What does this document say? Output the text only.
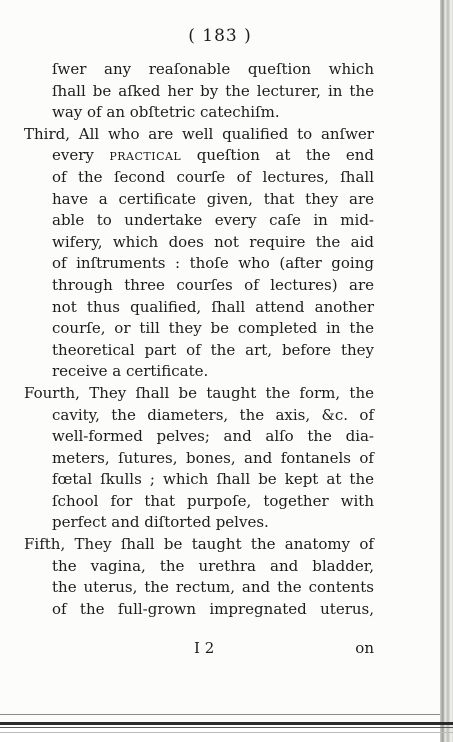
( 183 )
ſwer any reaſonable queſtion which
ſhall be aſked her by the lecturer, in the
way of an obſtetric catechiſm.
Third, All who are well qualified to anſwer
every practical queſtion at the end
of the ſecond courſe of lectures, ſhall
have a certificate given, that they are
able to undertake every caſe in mid-
wifery, which does not require the aid
of inſtruments : thoſe who (after going
through three courſes of lectures) are
not thus qualified, ſhall attend another
courſe, or till they be completed in the
theoretical part of the art, before they
receive a certificate.
Fourth, They ſhall be taught the form, the
cavity, the diameters, the axis, &c. of
well-formed pelves; and alſo the dia-
meters, ſutures, bones, and fontanels of
fœtal ſkulls ; which ſhall be kept at the
ſchool for that purpoſe, together with
perfect and diſtorted pelves.
Fifth, They ſhall be taught the anatomy of
the vagina, the urethra and bladder,
the uterus, the rectum, and the contents
of the full-grown impregnated uterus,
I 2	on
